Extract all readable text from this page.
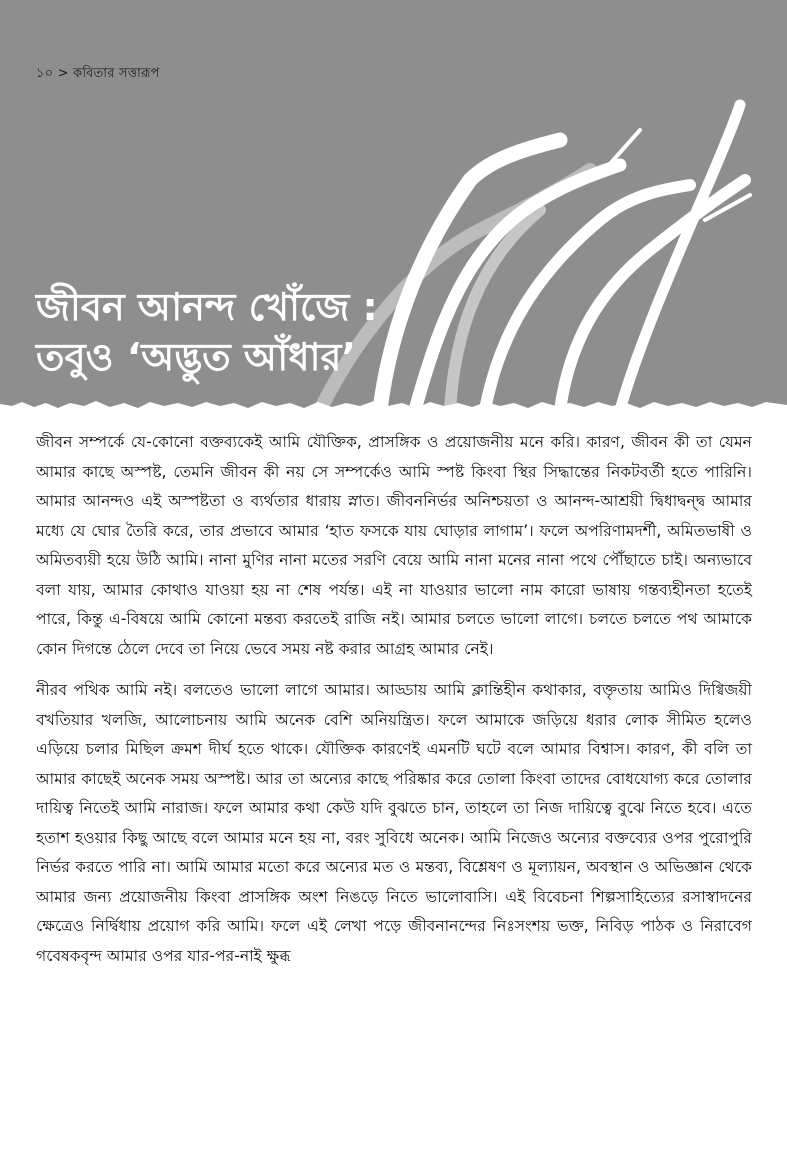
১০ > কবিতার সত্তারূপ
জীবন আনন্দ খোঁজে :
তবুও ‘অদ্ভুত আঁধার’

জীবন সম্পর্কে যে-কোনো বক্তব্যকেই আমি যৌক্তিক, প্রাসঙ্গিক ও প্রয়োজনীয় মনে করি। কারণ, জীবন কী তা যেমন আমার কাছে অস্পষ্ট, তেমনি জীবন কী নয় সে সম্পর্কেও আমি স্পষ্ট কিংবা স্থির সিদ্ধান্তের নিকটবর্তী হতে পারিনি। আমার আনন্দও এই অস্পষ্টতা ও ব্যর্থতার ধারায় স্নাত। জীবননির্ভর অনিশ্চয়তা ও আনন্দ-আশ্রয়ী দ্বিধাদ্বন্দ্ব আমার মধ্যে যে ঘোর তৈরি করে, তার প্রভাবে আমার ‘হাত ফসকে যায় ঘোড়ার লাগাম’। ফলে অপরিণামদর্শী, অমিতভাষী ও অমিতব্যয়ী হয়ে উঠি আমি। নানা মুণির নানা মতের সরণি বেয়ে আমি নানা মনের নানা পথে পৌঁছাতে চাই। অন্যভাবে বলা যায়, আমার কোথাও যাওয়া হয় না শেষ পর্যন্ত। এই না যাওয়ার ভালো নাম কারো ভাষায় গন্তব্যহীনতা হতেই পারে, কিন্তু এ-বিষয়ে আমি কোনো মন্তব্য করতেই রাজি নই। আমার চলতে ভালো লাগে। চলতে চলতে পথ আমাকে কোন দিগন্তে ঠেলে দেবে তা নিয়ে ভেবে সময় নষ্ট করার আগ্রহ আমার নেই।

নীরব পথিক আমি নই। বলতেও ভালো লাগে আমার। আড্ডায় আমি ক্লান্তিহীন কথাকার, বক্তৃতায় আমিও দিগ্বিজয়ী বখতিয়ার খলজি, আলোচনায় আমি অনেক বেশি অনিয়ন্ত্রিত। ফলে আমাকে জড়িয়ে ধরার লোক সীমিত হলেও এড়িয়ে চলার মিছিল ক্রমশ দীর্ঘ হতে থাকে। যৌক্তিক কারণেই এমনটি ঘটে বলে আমার বিশ্বাস। কারণ, কী বলি তা আমার কাছেই অনেক সময় অস্পষ্ট। আর তা অন্যের কাছে পরিষ্কার করে তোলা কিংবা তাদের বোধযোগ্য করে তোলার দায়িত্ব নিতেই আমি নারাজ। ফলে আমার কথা কেউ যদি বুঝতে চান, তাহলে তা নিজ দায়িত্বে বুঝে নিতে হবে। এতে হতাশ হওয়ার কিছু আছে বলে আমার মনে হয় না, বরং সুবিধে অনেক। আমি নিজেও অন্যের বক্তব্যের ওপর পুরোপুরি নির্ভর করতে পারি না। আমি আমার মতো করে অন্যের মত ও মন্তব্য, বিশ্লেষণ ও মূল্যায়ন, অবস্থান ও অভিজ্ঞান থেকে আমার জন্য প্রয়োজনীয় কিংবা প্রাসঙ্গিক অংশ নিঙড়ে নিতে ভালোবাসি। এই বিবেচনা শিল্পসাহিত্যের রসাস্বাদনের ক্ষেত্রেও নির্দ্বিধায় প্রয়োগ করি আমি। ফলে এই লেখা পড়ে জীবনানন্দের নিঃসংশয় ভক্ত, নিবিড় পাঠক ও নিরাবেগ গবেষকবৃন্দ আমার ওপর যার-পর-নাই ক্ষুব্ধ
